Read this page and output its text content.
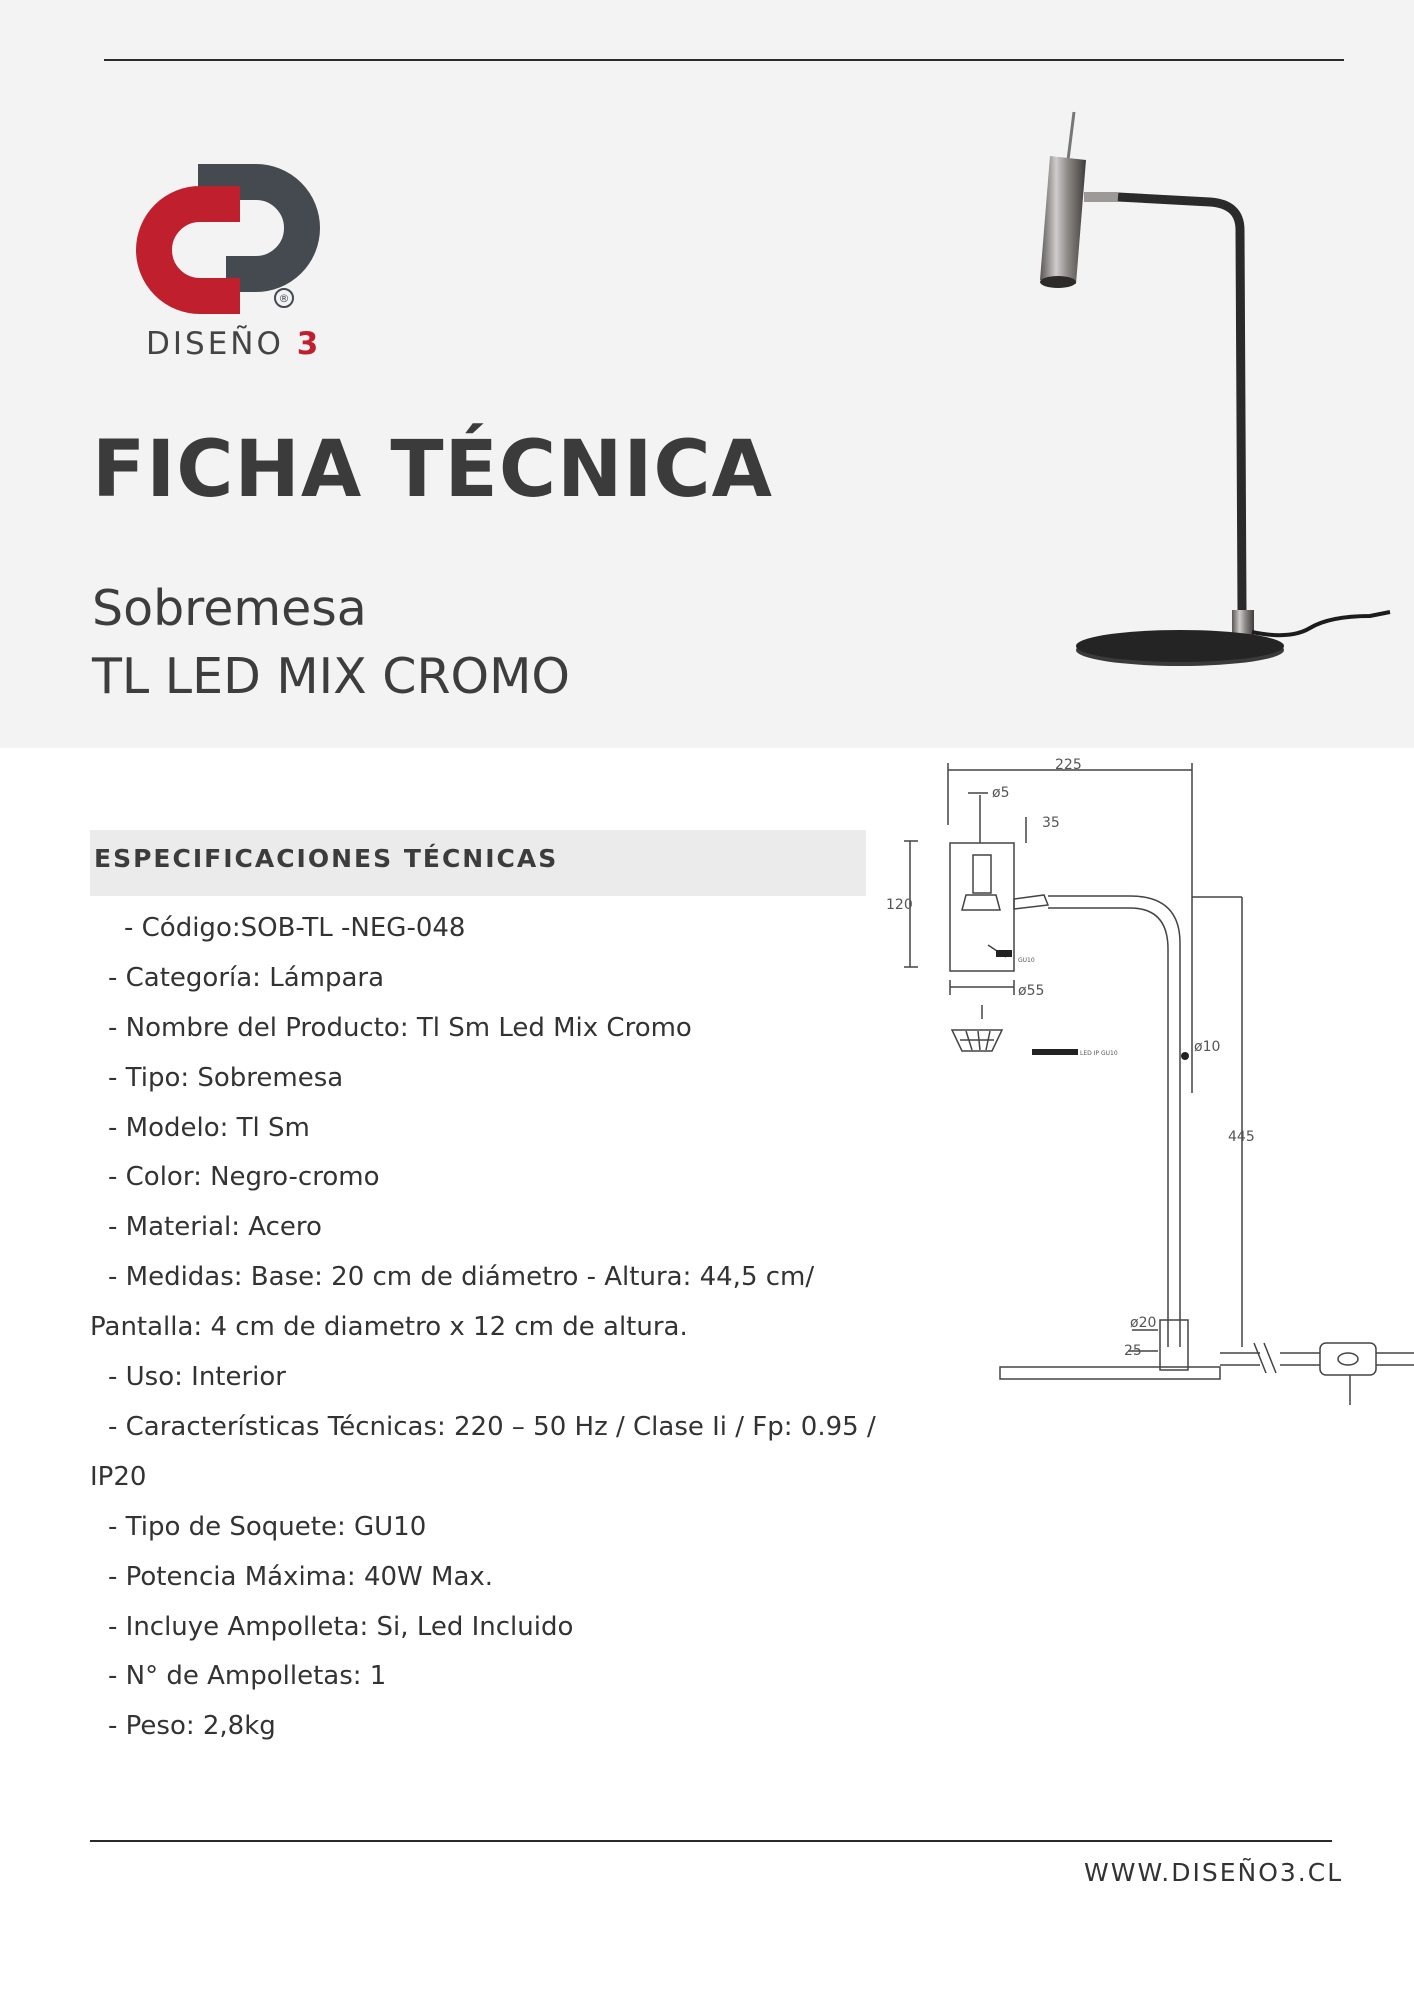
®
DISEÑO 3
FICHA TÉCNICA
Sobremesa
TL LED MIX CROMO
225
ø5
35
120
ø55
ø10
445
ø20
25
GU10
LED IP GU10
ESPECIFICACIONES TÉCNICAS
- Código:SOB-TL -NEG-048
- Categoría: Lámpara
- Nombre del Producto: Tl Sm Led Mix Cromo
- Tipo: Sobremesa
- Modelo: Tl Sm
- Color: Negro-cromo
- Material: Acero
- Medidas: Base: 20 cm de diámetro - Altura: 44,5 cm/
Pantalla: 4 cm de diametro x 12 cm de altura.
- Uso: Interior
- Características Técnicas: 220 – 50 Hz / Clase Ii / Fp: 0.95 /
IP20
- Tipo de Soquete: GU10
- Potencia Máxima: 40W Max.
- Incluye Ampolleta: Si, Led Incluido
- N° de Ampolletas: 1
- Peso: 2,8kg
WWW.DISEÑO3.CL
